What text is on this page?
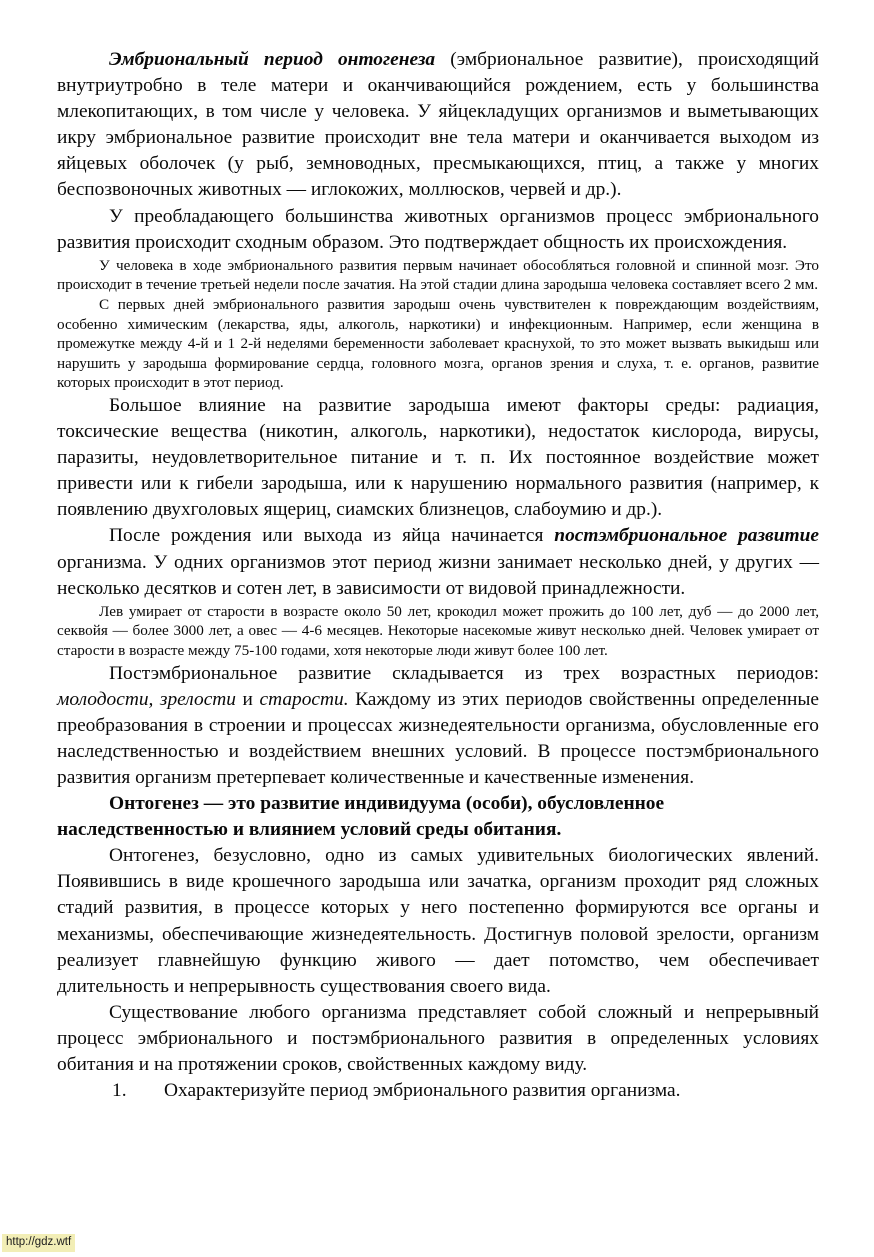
Эмбриональный период онтогенеза (эмбриональное развитие), происходящий внутриутробно в теле матери и оканчивающийся рождением, есть у большинства млекопитающих, в том числе у человека. У яйцекладущих организмов и выметывающих икру эмбриональное развитие происходит вне тела матери и оканчивается выходом из яйцевых оболочек (у рыб, земноводных, пресмыкающихся, птиц, а также у многих беспозвоночных животных — иглокожих, моллюсков, червей и др.).

У преобладающего большинства животных организмов процесс эмбрионального развития происходит сходным образом. Это подтверждает общность их происхождения.

У человека в ходе эмбрионального развития первым начинает обособляться головной и спинной мозг. Это происходит в течение третьей недели после зачатия. На этой стадии длина зародыша человека составляет всего 2 мм.

С первых дней эмбрионального развития зародыш очень чувствителен к повреждающим воздействиям, особенно химическим (лекарства, яды, алкоголь, наркотики) и инфекционным. Например, если женщина в промежутке между 4-й и 1 2-й неделями беременности заболевает краснухой, то это может вызвать выкидыш или нарушить у зародыша формирование сердца, головного мозга, органов зрения и слуха, т. е. органов, развитие которых происходит в этот период.

Большое влияние на развитие зародыша имеют факторы среды: радиация, токсические вещества (никотин, алкоголь, наркотики), недостаток кислорода, вирусы, паразиты, неудовлетворительное питание и т. п. Их постоянное воздействие может привести или к гибели зародыша, или к нарушению нормального развития (например, к появлению двухголовых ящериц, сиамских близнецов, слабоумию и др.).

После рождения или выхода из яйца начинается постэмбриональное развитие организма. У одних организмов этот период жизни занимает несколько дней, у других — несколько десятков и сотен лет, в зависимости от видовой принадлежности.

Лев умирает от старости в возрасте около 50 лет, крокодил может прожить до 100 лет, дуб — до 2000 лет, секвойя — более 3000 лет, а овес — 4-6 месяцев. Некоторые насекомые живут несколько дней. Человек умирает от старости в возрасте между 75-100 годами, хотя некоторые люди живут более 100 лет.

Постэмбриональное развитие складывается из трех возрастных периодов: молодости, зрелости и старости. Каждому из этих периодов свойственны определенные преобразования в строении и процессах жизнедеятельности организма, обусловленные его наследственностью и воздействием внешних условий. В процессе постэмбрионального развития организм претерпевает количественные и качественные изменения.

Онтогенез — это развитие индивидуума (особи), обусловленное наследственностью и влиянием условий среды обитания.

Онтогенез, безусловно, одно из самых удивительных биологических явлений. Появившись в виде крошечного зародыша или зачатка, организм проходит ряд сложных стадий развития, в процессе которых у него постепенно формируются все органы и механизмы, обеспечивающие жизнедеятельность. Достигнув половой зрелости, организм реализует главнейшую функцию живого — дает потомство, чем обеспечивает длительность и непрерывность существования своего вида.

Существование любого организма представляет собой сложный и непрерывный процесс эмбрионального и постэмбрионального развития в определенных условиях обитания и на протяжении сроков, свойственных каждому виду.

1.	Охарактеризуйте период эмбрионального развития организма.

http://gdz.wtf
